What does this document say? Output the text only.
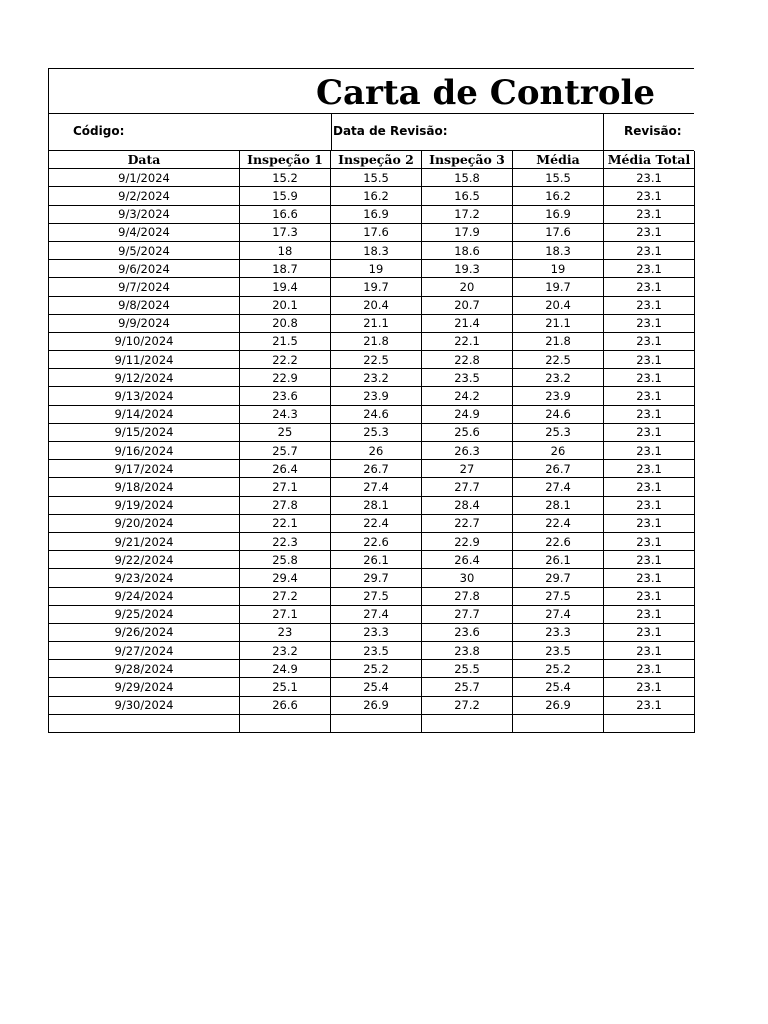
Carta de Controle
Código:	Data de Revisão:	Revisão:
Data	Inspeção 1	Inspeção 2	Inspeção 3	Média	Média Total
9/1/2024	15.2	15.5	15.8	15.5	23.1
9/2/2024	15.9	16.2	16.5	16.2	23.1
9/3/2024	16.6	16.9	17.2	16.9	23.1
9/4/2024	17.3	17.6	17.9	17.6	23.1
9/5/2024	18	18.3	18.6	18.3	23.1
9/6/2024	18.7	19	19.3	19	23.1
9/7/2024	19.4	19.7	20	19.7	23.1
9/8/2024	20.1	20.4	20.7	20.4	23.1
9/9/2024	20.8	21.1	21.4	21.1	23.1
9/10/2024	21.5	21.8	22.1	21.8	23.1
9/11/2024	22.2	22.5	22.8	22.5	23.1
9/12/2024	22.9	23.2	23.5	23.2	23.1
9/13/2024	23.6	23.9	24.2	23.9	23.1
9/14/2024	24.3	24.6	24.9	24.6	23.1
9/15/2024	25	25.3	25.6	25.3	23.1
9/16/2024	25.7	26	26.3	26	23.1
9/17/2024	26.4	26.7	27	26.7	23.1
9/18/2024	27.1	27.4	27.7	27.4	23.1
9/19/2024	27.8	28.1	28.4	28.1	23.1
9/20/2024	22.1	22.4	22.7	22.4	23.1
9/21/2024	22.3	22.6	22.9	22.6	23.1
9/22/2024	25.8	26.1	26.4	26.1	23.1
9/23/2024	29.4	29.7	30	29.7	23.1
9/24/2024	27.2	27.5	27.8	27.5	23.1
9/25/2024	27.1	27.4	27.7	27.4	23.1
9/26/2024	23	23.3	23.6	23.3	23.1
9/27/2024	23.2	23.5	23.8	23.5	23.1
9/28/2024	24.9	25.2	25.5	25.2	23.1
9/29/2024	25.1	25.4	25.7	25.4	23.1
9/30/2024	26.6	26.9	27.2	26.9	23.1
